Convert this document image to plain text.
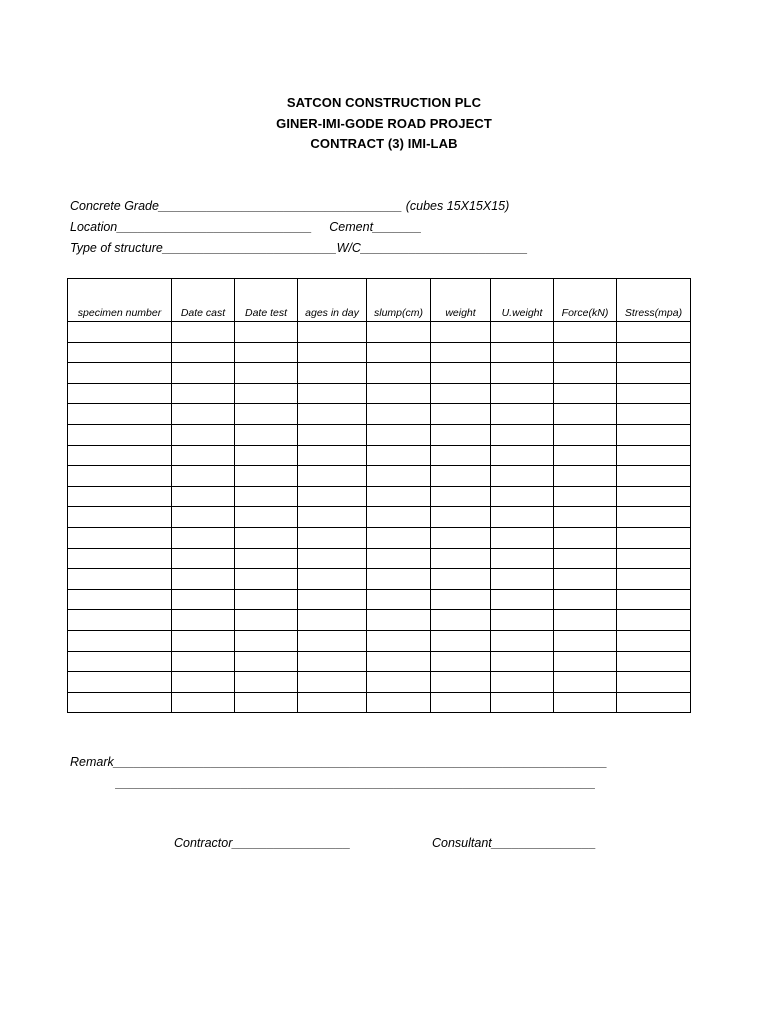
SATCON CONSTRUCTION PLC
GINER-IMI-GODE ROAD PROJECT
CONTRACT (3) IMI-LAB
Concrete Grade___________________________________ (cubes 15X15X15)
Location____________________________     Cement_______
Type of structure_________________________W/C________________________
specimen number	Date cast	Date test	ages in day	slump(cm)	weight	U.weight	Force(kN)	Stress(mpa)

Remark_______________________________________________________________________
_____________________________________________________________________
Contractor_________________	Consultant_______________
